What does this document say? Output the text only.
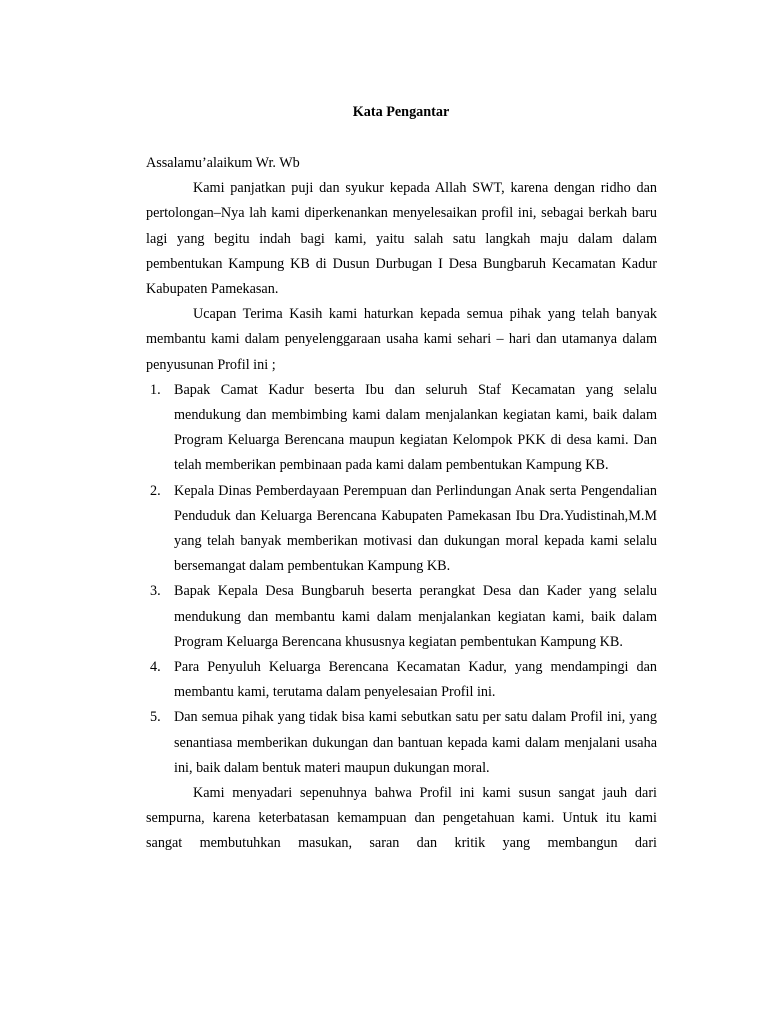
Kata Pengantar

Assalamu’alaikum Wr. Wb

Kami panjatkan puji dan syukur kepada Allah SWT, karena dengan ridho dan pertolongan–Nya lah kami diperkenankan menyelesaikan profil ini, sebagai berkah baru lagi yang begitu indah bagi kami, yaitu salah satu langkah maju dalam dalam pembentukan Kampung KB di Dusun Durbugan I Desa Bungbaruh Kecamatan Kadur Kabupaten Pamekasan.

Ucapan Terima Kasih kami haturkan kepada semua pihak yang telah banyak membantu kami dalam penyelenggaraan usaha kami sehari – hari dan utamanya dalam penyusunan Profil ini ;

1. Bapak Camat Kadur beserta Ibu dan seluruh Staf Kecamatan yang selalu mendukung dan membimbing kami dalam menjalankan kegiatan kami, baik dalam Program Keluarga Berencana maupun kegiatan Kelompok PKK di desa kami. Dan telah memberikan pembinaan pada kami dalam pembentukan Kampung KB.
2. Kepala Dinas Pemberdayaan Perempuan dan Perlindungan Anak serta Pengendalian Penduduk dan Keluarga Berencana Kabupaten Pamekasan Ibu Dra.Yudistinah,M.M yang telah banyak memberikan motivasi dan dukungan moral kepada kami selalu bersemangat dalam pembentukan Kampung KB.
3. Bapak Kepala Desa Bungbaruh beserta perangkat Desa dan Kader yang selalu mendukung dan membantu kami dalam menjalankan kegiatan kami, baik dalam Program Keluarga Berencana khususnya kegiatan pembentukan Kampung KB.
4. Para Penyuluh Keluarga Berencana Kecamatan Kadur, yang mendampingi dan membantu kami, terutama dalam penyelesaian Profil ini.
5. Dan semua pihak yang tidak bisa kami sebutkan satu per satu dalam Profil ini, yang senantiasa memberikan dukungan dan bantuan kepada kami dalam menjalani usaha ini, baik dalam bentuk materi maupun dukungan moral.

Kami menyadari sepenuhnya bahwa Profil ini kami susun sangat jauh dari sempurna, karena keterbatasan kemampuan dan pengetahuan kami. Untuk itu kami sangat membutuhkan masukan, saran dan kritik yang membangun dari
